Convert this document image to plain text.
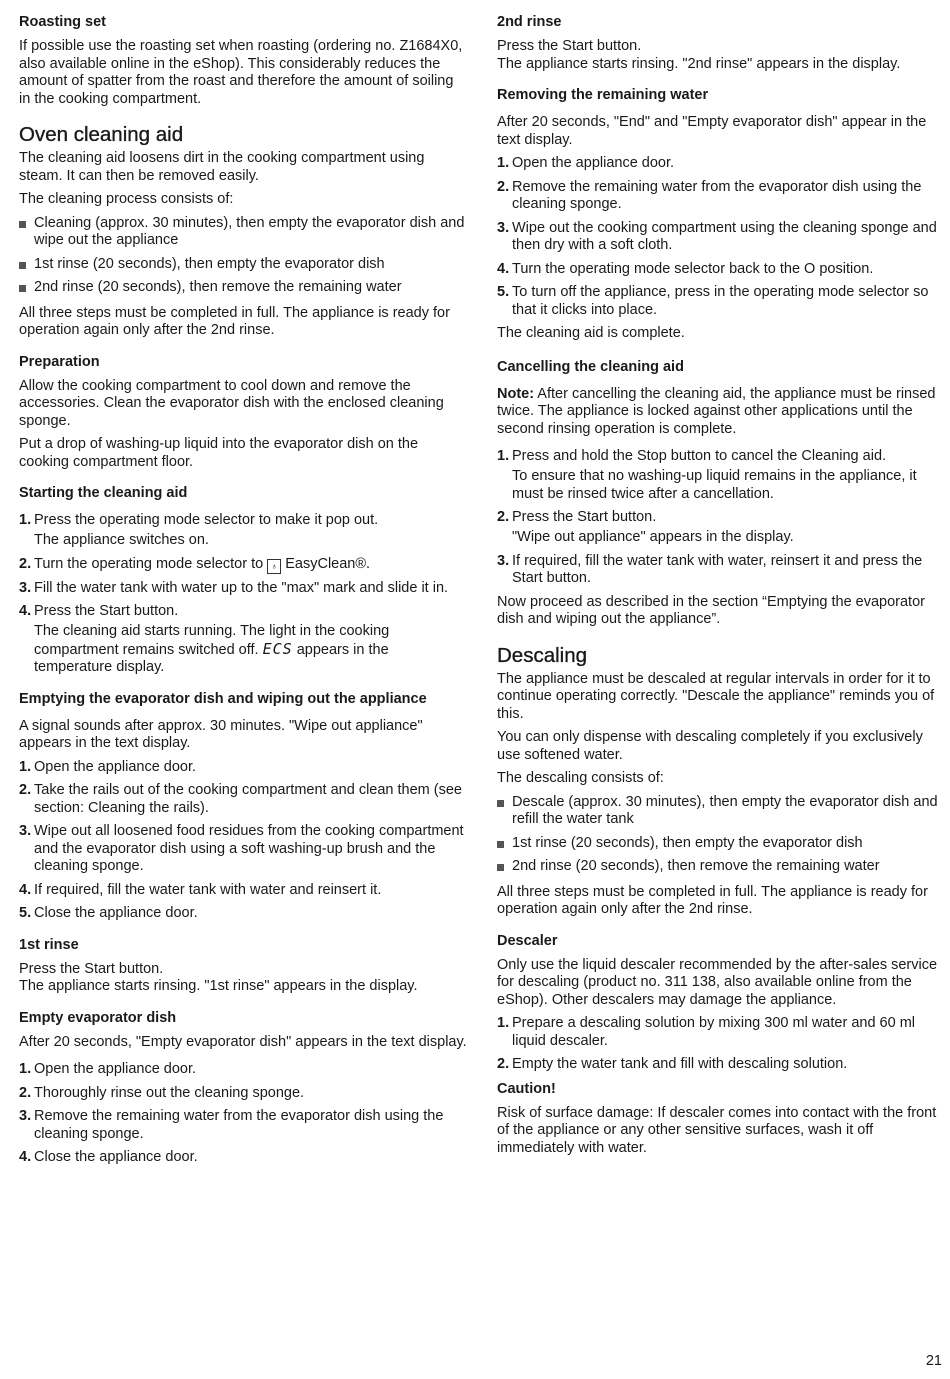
Roasting set

If possible use the roasting set when roasting (ordering no. Z1684X0, also available online in the eShop). This considerably reduces the amount of spatter from the roast and therefore the amount of soiling in the cooking compartment.

Oven cleaning aid

The cleaning aid loosens dirt in the cooking compartment using steam. It can then be removed easily.

The cleaning process consists of:

Cleaning (approx. 30 minutes), then empty the evaporator dish and wipe out the appliance
1st rinse (20 seconds), then empty the evaporator dish
2nd rinse (20 seconds), then remove the remaining water

All three steps must be completed in full. The appliance is ready for operation again only after the 2nd rinse.

Preparation

Allow the cooking compartment to cool down and remove the accessories. Clean the evaporator dish with the enclosed cleaning sponge.

Put a drop of washing-up liquid into the evaporator dish on the cooking compartment floor.

Starting the cleaning aid
1. Press the operating mode selector to make it pop out.
The appliance switches on.
2. Turn the operating mode selector to ♁ EasyClean®.
3. Fill the water tank with water up to the "max" mark and slide it in.
4. Press the Start button.
The cleaning aid starts running. The light in the cooking compartment remains switched off. ECS appears in the temperature display.
Emptying the evaporator dish and wiping out the appliance

A signal sounds after approx. 30 minutes. "Wipe out appliance" appears in the text display.

1. Open the appliance door.
2. Take the rails out of the cooking compartment and clean them (see section: Cleaning the rails).
3. Wipe out all loosened food residues from the cooking compartment and the evaporator dish using a soft washing-up brush and the cleaning sponge.
4. If required, fill the water tank with water and reinsert it.
5. Close the appliance door.
1st rinse

Press the Start button.

The appliance starts rinsing. "1st rinse" appears in the display.

Empty evaporator dish

After 20 seconds, "Empty evaporator dish" appears in the text display.

1. Open the appliance door.
2. Thoroughly rinse out the cleaning sponge.
3. Remove the remaining water from the evaporator dish using the cleaning sponge.
4. Close the appliance door.
2nd rinse

Press the Start button.

The appliance starts rinsing. "2nd rinse" appears in the display.

Removing the remaining water

After 20 seconds, "End" and "Empty evaporator dish" appear in the text display.

1. Open the appliance door.
2. Remove the remaining water from the evaporator dish using the cleaning sponge.
3. Wipe out the cooking compartment using the cleaning sponge and then dry with a soft cloth.
4. Turn the operating mode selector back to the O position.
5. To turn off the appliance, press in the operating mode selector so that it clicks into place.

The cleaning aid is complete.

Cancelling the cleaning aid

Note: After cancelling the cleaning aid, the appliance must be rinsed twice. The appliance is locked against other applications until the second rinsing operation is complete.

1. Press and hold the Stop button to cancel the Cleaning aid.
To ensure that no washing-up liquid remains in the appliance, it must be rinsed twice after a cancellation.
2. Press the Start button.
"Wipe out appliance" appears in the display.
3. If required, fill the water tank with water, reinsert it and press the Start button.

Now proceed as described in the section “Emptying the evaporator dish and wiping out the appliance”.

Descaling

The appliance must be descaled at regular intervals in order for it to continue operating correctly. "Descale the appliance" reminds you of this.

You can only dispense with descaling completely if you exclusively use softened water.

The descaling consists of:

Descale (approx. 30 minutes), then empty the evaporator dish and refill the water tank
1st rinse (20 seconds), then empty the evaporator dish
2nd rinse (20 seconds), then remove the remaining water

All three steps must be completed in full. The appliance is ready for operation again only after the 2nd rinse.

Descaler

Only use the liquid descaler recommended by the after-sales service for descaling (product no. 311 138, also available online from the eShop). Other descalers may damage the appliance.

1. Prepare a descaling solution by mixing 300 ml water and 60 ml liquid descaler.
2. Empty the water tank and fill with descaling solution.
Caution!

Risk of surface damage: If descaler comes into contact with the front of the appliance or any other sensitive surfaces, wash it off immediately with water.

21
